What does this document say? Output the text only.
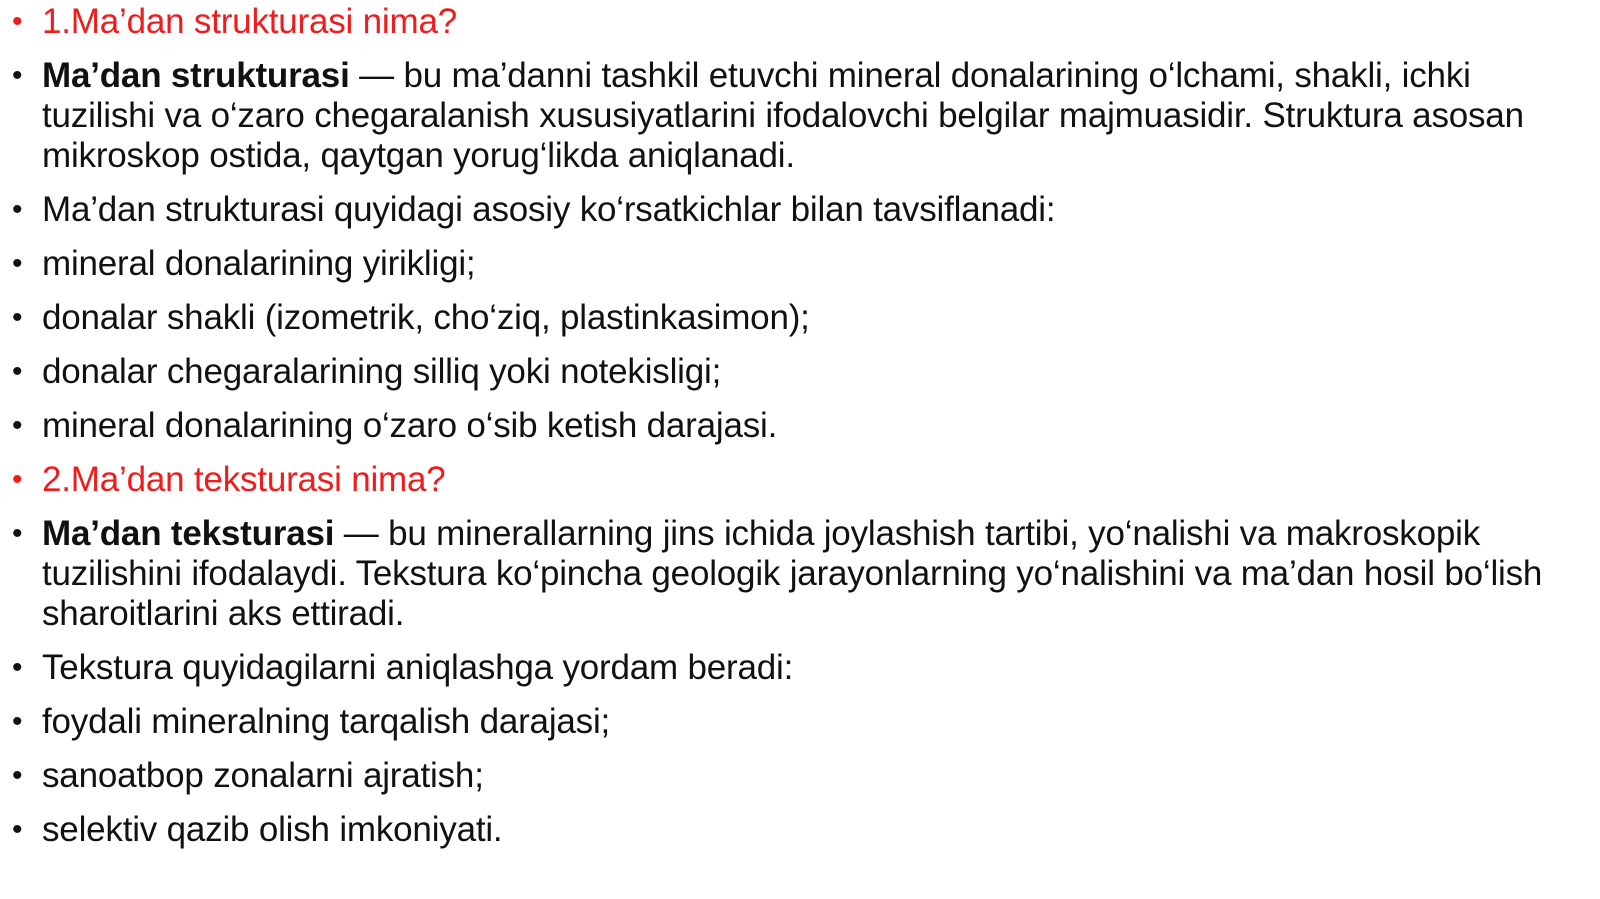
• 1.Ma’dan strukturasi nima?
• Ma’dan strukturasi — bu ma’danni tashkil etuvchi mineral donalarining o‘lchami, shakli, ichki tuzilishi va o‘zaro chegaralanish xususiyatlarini ifodalovchi belgilar majmuasidir. Struktura asosan mikroskop ostida, qaytgan yorug‘likda aniqlanadi.
• Ma’dan strukturasi quyidagi asosiy ko‘rsatkichlar bilan tavsiflanadi:
• mineral donalarining yirikligi;
• donalar shakli (izometrik, cho‘ziq, plastinkasimon);
• donalar chegaralarining silliq yoki notekisligi;
• mineral donalarining o‘zaro o‘sib ketish darajasi.
• 2.Ma’dan teksturasi nima?
• Ma’dan teksturasi — bu minerallarning jins ichida joylashish tartibi, yo‘nalishi va makroskopik tuzilishini ifodalaydi. Tekstura ko‘pincha geologik jarayonlarning yo‘nalishini va ma’dan hosil bo‘lish sharoitlarini aks ettiradi.
• Tekstura quyidagilarni aniqlashga yordam beradi:
• foydali mineralning tarqalish darajasi;
• sanoatbop zonalarni ajratish;
• selektiv qazib olish imkoniyati.
